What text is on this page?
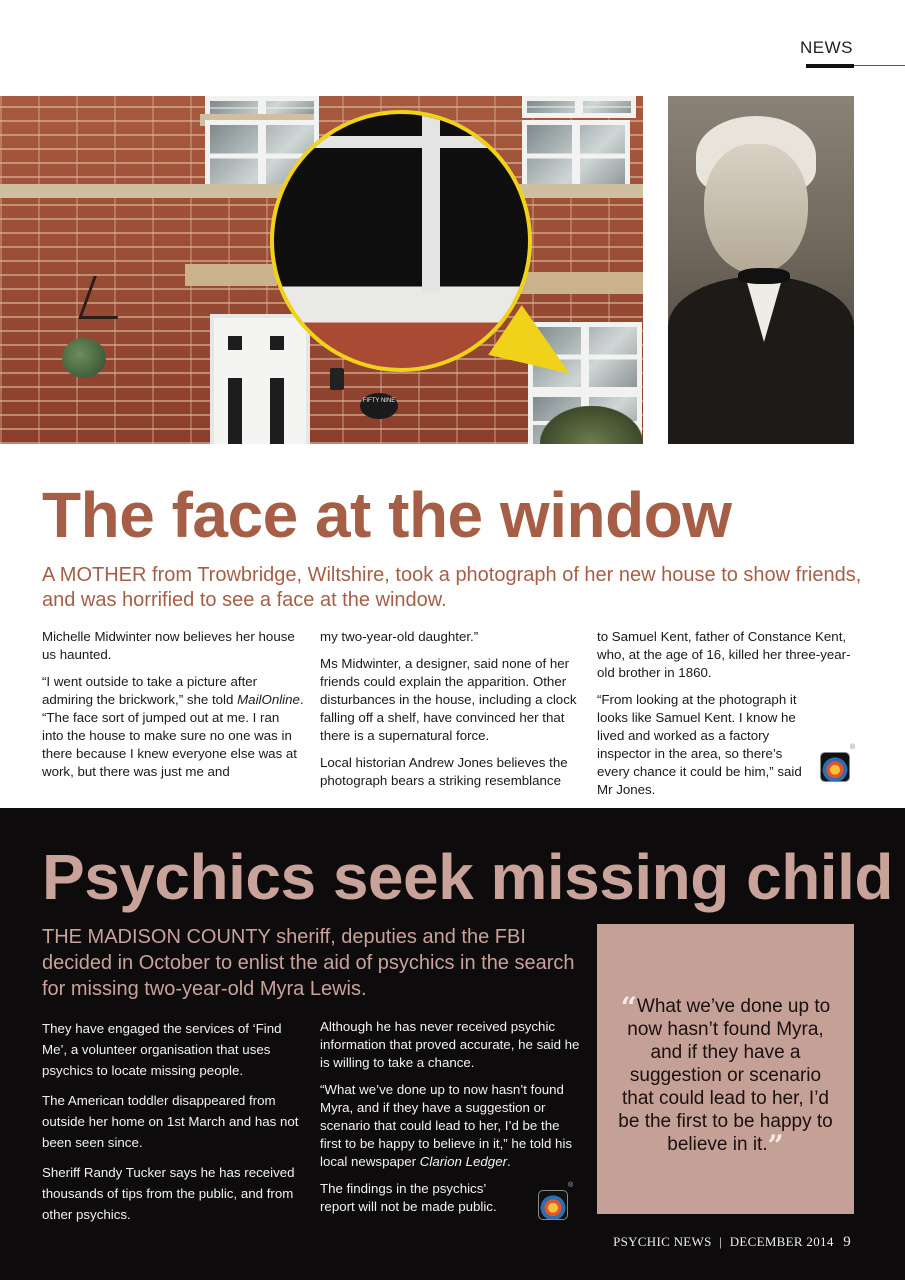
NEWS
FIFTY NINE
The face at the window
A MOTHER from Trowbridge, Wiltshire, took a photograph of her new house to show friends, and was horrified to see a face at the window.

Michelle Midwinter now believes her house us haunted.

“I went outside to take a picture after admiring the brickwork,” she told MailOnline. “The face sort of jumped out at me. I ran into the house to make sure no one was in there because I knew everyone else was at work, but there was just me and

my two-year-old daughter.”

Ms Midwinter, a designer, said none of her friends could explain the apparition. Other disturbances in the house, including a clock falling off a shelf, have convinced her that there is a supernatural force.

Local historian Andrew Jones believes the photograph bears a striking resemblance

to Samuel Kent, father of Constance Kent, who, at the age of 16, killed her three-year-old brother in 1860.

“From looking at the photograph it looks like Samuel Kent. I know he lived and worked as a factory inspector in the area, so there’s every chance it could be him,” said Mr Jones.

®
Psychics seek missing child
THE MADISON COUNTY sheriff, deputies and the FBI decided in October to enlist the aid of psychics in the search for missing two-year-old Myra Lewis.

They have engaged the services of ‘Find Me’, a volunteer organisation that uses psychics to locate missing people.

The American toddler disappeared from outside her home on 1st March and has not been seen since.

Sheriff Randy Tucker says he has received thousands of tips from the public, and from other psychics.

Although he has never received psychic information that proved accurate, he said he is willing to take a chance.

“What we’ve done up to now hasn’t found Myra, and if they have a suggestion or scenario that could lead to her, I’d be the first to be happy to believe in it,” he told his local newspaper Clarion Ledger.

The findings in the psychics’ report will not be made public.

®
“What we’ve done up to now hasn’t found Myra, and if they have a suggestion or scenario that could lead to her, I’d be the first to be happy to believe in it.”
PSYCHIC NEWS | DECEMBER 2014 9
